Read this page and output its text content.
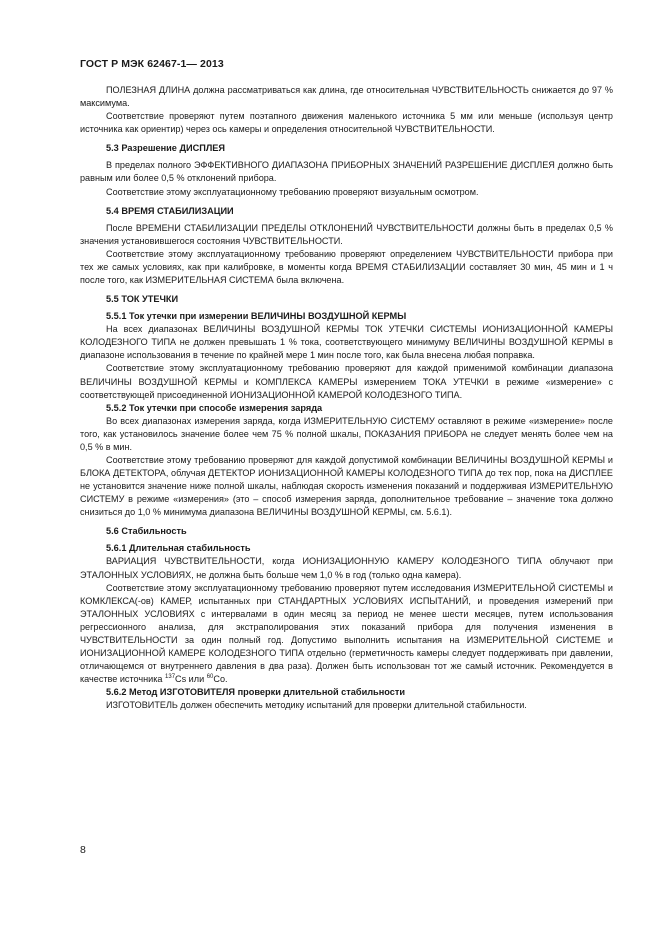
ГОСТ Р МЭК 62467-1— 2013

ПОЛЕЗНАЯ ДЛИНА должна рассматриваться как длина, где относительная ЧУВСТВИТЕЛЬНОСТЬ снижается до 97 % максимума.

Соответствие проверяют путем поэтапного движения маленького источника 5 мм или меньше (используя центр источника как ориентир) через ось камеры и определения относительной ЧУВСТВИТЕЛЬНОСТИ.

5.3 Разрешение ДИСПЛЕЯ

В пределах полного ЭФФЕКТИВНОГО ДИАПАЗОНА ПРИБОРНЫХ ЗНАЧЕНИЙ РАЗРЕШЕНИЕ ДИСПЛЕЯ должно быть равным или более 0,5 % отклонений прибора.

Соответствие этому эксплуатационному требованию проверяют визуальным осмотром.

5.4 ВРЕМЯ СТАБИЛИЗАЦИИ

После ВРЕМЕНИ СТАБИЛИЗАЦИИ ПРЕДЕЛЫ ОТКЛОНЕНИЙ ЧУВСТВИТЕЛЬНОСТИ должны быть в пределах 0,5 % значения установившегося состояния ЧУВСТВИТЕЛЬНОСТИ.

Соответствие этому эксплуатационному требованию проверяют определением ЧУВСТВИТЕЛЬНОСТИ прибора при тех же самых условиях, как при калибровке, в моменты когда ВРЕМЯ СТАБИЛИЗАЦИИ составляет 30 мин, 45 мин и 1 ч после того, как ИЗМЕРИТЕЛЬНАЯ СИСТЕМА была включена.

5.5 ТОК УТЕЧКИ
5.5.1 Ток утечки при измерении ВЕЛИЧИНЫ ВОЗДУШНОЙ КЕРМЫ

На всех диапазонах ВЕЛИЧИНЫ ВОЗДУШНОЙ КЕРМЫ ТОК УТЕЧКИ СИСТЕМЫ ИОНИЗАЦИОННОЙ КАМЕРЫ КОЛОДЕЗНОГО ТИПА не должен превышать 1 % тока, соответствующего минимуму ВЕЛИЧИНЫ ВОЗДУШНОЙ КЕРМЫ в диапазоне использования в течение по крайней мере 1 мин после того, как была внесена любая поправка.

Соответствие этому эксплуатационному требованию проверяют для каждой применимой комбинации диапазона ВЕЛИЧИНЫ ВОЗДУШНОЙ КЕРМЫ и КОМПЛЕКСА КАМЕРЫ измерением ТОКА УТЕЧКИ в режиме «измерение» с соответствующей присоединенной ИОНИЗАЦИОННОЙ КАМЕРОЙ КОЛОДЕЗНОГО ТИПА.

5.5.2 Ток утечки при способе измерения заряда

Во всех диапазонах измерения заряда, когда ИЗМЕРИТЕЛЬНУЮ СИСТЕМУ оставляют в режиме «измерение» после того, как установилось значение более чем 75 % полной шкалы, ПОКАЗАНИЯ ПРИБОРА не следует менять более чем на 0,5 % в мин.

Соответствие этому требованию проверяют для каждой допустимой комбинации ВЕЛИЧИНЫ ВОЗДУШНОЙ КЕРМЫ и БЛОКА ДЕТЕКТОРА, облучая ДЕТЕКТОР ИОНИЗАЦИОННОЙ КАМЕРЫ КОЛОДЕЗНОГО ТИПА до тех пор, пока на ДИСПЛЕЕ не установится значение ниже полной шкалы, наблюдая скорость изменения показаний и поддерживая ИЗМЕРИТЕЛЬНУЮ СИСТЕМУ в режиме «измерения» (это – способ измерения заряда, дополнительное требование – значение тока должно снизиться до 1,0 % минимума диапазона ВЕЛИЧИНЫ ВОЗДУШНОЙ КЕРМЫ, см. 5.6.1).

5.6 Стабильность
5.6.1 Длительная стабильность

ВАРИАЦИЯ ЧУВСТВИТЕЛЬНОСТИ, когда ИОНИЗАЦИОННУЮ КАМЕРУ КОЛОДЕЗНОГО ТИПА облучают при ЭТАЛОННЫХ УСЛОВИЯХ, не должна быть больше чем 1,0 % в год (только одна камера).

Соответствие этому эксплуатационному требованию проверяют путем исследования ИЗМЕРИТЕЛЬНОЙ СИСТЕМЫ и КОМКЛЕКСА(-ов) КАМЕР, испытанных при СТАНДАРТНЫХ УСЛОВИЯХ ИСПЫТАНИЙ, и проведения измерений при ЭТАЛОННЫХ УСЛОВИЯХ с интервалами в один месяц за период не менее шести месяцев, путем использования регрессионного анализа, для экстраполирования этих показаний прибора для получения изменения в ЧУВСТВИТЕЛЬНОСТИ за один полный год. Допустимо выполнить испытания на ИЗМЕРИТЕЛЬНОЙ СИСТЕМЕ и ИОНИЗАЦИОННОЙ КАМЕРЕ КОЛОДЕЗНОГО ТИПА отдельно (герметичность камеры следует поддерживать при давлении, отличающемся от внутреннего давления в два раза). Должен быть использован тот же самый источник. Рекомендуется в качестве источника $^{137}$Cs или $^{60}$Co.

5.6.2 Метод ИЗГОТОВИТЕЛЯ проверки длительной стабильности

ИЗГОТОВИТЕЛЬ должен обеспечить методику испытаний для проверки длительной стабильности.

8
